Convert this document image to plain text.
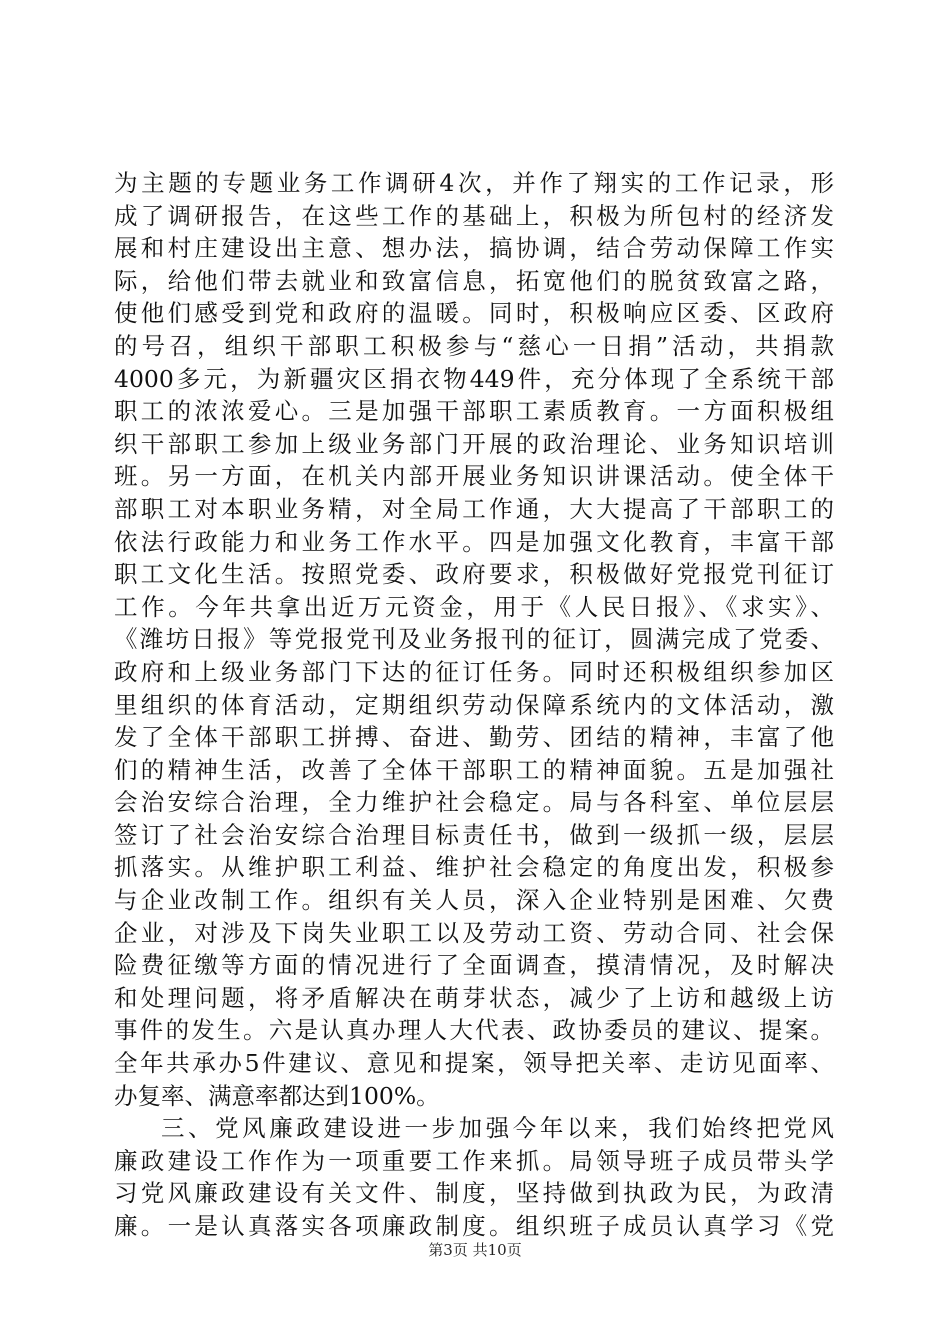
为主题的专题业务工作调研4次，并作了翔实的工作记录，形
成了调研报告，在这些工作的基础上，积极为所包村的经济发
展和村庄建设出主意、想办法，搞协调，结合劳动保障工作实
际，给他们带去就业和致富信息，拓宽他们的脱贫致富之路，
使他们感受到党和政府的温暖。同时，积极响应区委、区政府
的号召，组织干部职工积极参与“慈心一日捐”活动，共捐款
4000多元，为新疆灾区捐衣物449件，充分体现了全系统干部
职工的浓浓爱心。三是加强干部职工素质教育。一方面积极组
织干部职工参加上级业务部门开展的政治理论、业务知识培训
班。另一方面，在机关内部开展业务知识讲课活动。使全体干
部职工对本职业务精，对全局工作通，大大提高了干部职工的
依法行政能力和业务工作水平。四是加强文化教育，丰富干部
职工文化生活。按照党委、政府要求，积极做好党报党刊征订
工作。今年共拿出近万元资金，用于《人民日报》、《求实》、
《潍坊日报》等党报党刊及业务报刊的征订，圆满完成了党委、
政府和上级业务部门下达的征订任务。同时还积极组织参加区
里组织的体育活动，定期组织劳动保障系统内的文体活动，激
发了全体干部职工拼搏、奋进、勤劳、团结的精神，丰富了他
们的精神生活，改善了全体干部职工的精神面貌。五是加强社
会治安综合治理，全力维护社会稳定。局与各科室、单位层层
签订了社会治安综合治理目标责任书，做到一级抓一级，层层
抓落实。从维护职工利益、维护社会稳定的角度出发，积极参
与企业改制工作。组织有关人员，深入企业特别是困难、欠费
企业，对涉及下岗失业职工以及劳动工资、劳动合同、社会保
险费征缴等方面的情况进行了全面调查，摸清情况，及时解决
和处理问题，将矛盾解决在萌芽状态，减少了上访和越级上访
事件的发生。六是认真办理人大代表、政协委员的建议、提案。
全年共承办5件建议、意见和提案，领导把关率、走访见面率、
办复率、满意率都达到100%。
三、党风廉政建设进一步加强今年以来，我们始终把党风
廉政建设工作作为一项重要工作来抓。局领导班子成员带头学
习党风廉政建设有关文件、制度，坚持做到执政为民，为政清
廉。一是认真落实各项廉政制度。组织班子成员认真学习《党
第3页 共10页
